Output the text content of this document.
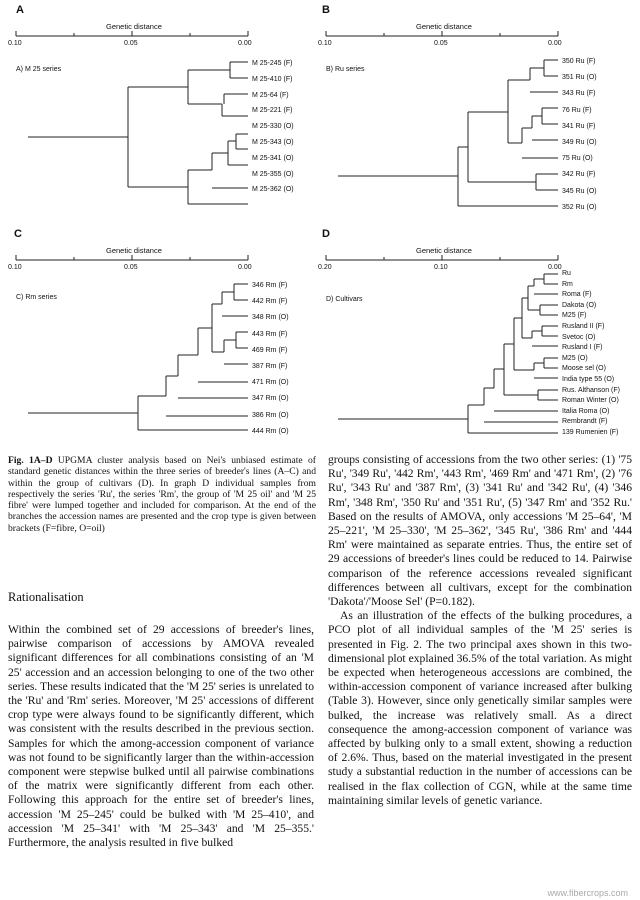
A
Genetic distance
0.10	0.05	0.00
A) M 25 series
M 25-245 (F)
M 25-410 (F)
M 25-64 (F)
M 25-221 (F)
M 25-330 (O)
M 25-343 (O)
M 25-341 (O)
M 25-355 (O)
M 25-362 (O)
B
Genetic distance
0.10	0.05	0.00
B) Ru series
350 Ru (F)
351 Ru (O)
343 Ru (F)
76 Ru (F)
341 Ru (F)
349 Ru (O)
75 Ru (O)
342 Ru (F)
345 Ru (O)
352 Ru (O)
C
Genetic distance
0.10	0.05	0.00
C) Rm series
346 Rm (F)
442 Rm (F)
348 Rm (O)
443 Rm (F)
469 Rm (F)
387 Rm (F)
471 Rm (O)
347 Rm (O)
386 Rm (O)
444 Rm (O)
D
Genetic distance
0.20	0.10	0.00
D) Cultivars
Ru
Rm
Roma (F)
Dakota (O)
M25 (F)
Rusland II (F)
Svetoc (O)
Rusland I (F)
M25 (O)
Moose sel (O)
India type 55 (O)
Rus. Althanson (F)
Roman Winter (O)
Italia Roma (O)
Rembrandt (F)
139 Rumenien (F)
Fig. 1A–D UPGMA cluster analysis based on Nei's unbiased estimate of standard genetic distances within the three series of breeder's lines (A–C) and within the group of cultivars (D). In graph D individual samples from respectively the series 'Ru', the series 'Rm', the group of 'M 25 oil' and 'M 25 fibre' were lumped together and included for comparison. At the end of the branches the accession names are presented and the crop type is given between brackets (F=fibre, O=oil)
Rationalisation

Within the combined set of 29 accessions of breeder's lines, pairwise comparison of accessions by AMOVA revealed significant differences for all combinations consisting of an 'M 25' accession and an accession belonging to one of the two other series. These results indicated that the 'M 25' series is unrelated to the 'Ru' and 'Rm' series. Moreover, 'M 25' accessions of different crop type were always found to be significantly different, which was consistent with the results described in the previous section. Samples for which the among-accession component of variance was not found to be significantly larger than the within-accession component were stepwise bulked until all pairwise combinations of the matrix were significantly different from each other. Following this approach for the entire set of breeder's lines, accession 'M 25–245' could be bulked with 'M 25–410', and accession 'M 25–341' with 'M 25–343' and 'M 25–355.' Furthermore, the analysis resulted in five bulked

groups consisting of accessions from the two other series: (1) '75 Ru', '349 Ru', '442 Rm', '443 Rm', '469 Rm' and '471 Rm', (2) '76 Ru', '343 Ru' and '387 Rm', (3) '341 Ru' and '342 Ru', (4) '346 Rm', '348 Rm', '350 Ru' and '351 Ru', (5) '347 Rm' and '352 Ru.' Based on the results of AMOVA, only accessions 'M 25–64', 'M 25–221', 'M 25–330', 'M 25–362', '345 Ru', '386 Rm' and '444 Rm' were maintained as separate entries. Thus, the entire set of 29 accessions of breeder's lines could be reduced to 14. Pairwise comparison of the reference accessions revealed significant differences between all cultivars, except for the combination 'Dakota'/'Moose Sel' (P=0.182).

As an illustration of the effects of the bulking procedures, a PCO plot of all individual samples of the 'M 25' series is presented in Fig. 2. The two principal axes shown in this two-dimensional plot explained 36.5% of the total variation. As might be expected when heterogeneous accessions are combined, the within-accession component of variance increased after bulking (Table 3). However, since only genetically similar samples were bulked, the increase was relatively small. As a direct consequence the among-accession component of variance was affected by bulking only to a small extent, showing a reduction of 2.6%. Thus, based on the material investigated in the present study a substantial reduction in the number of accessions can be realised in the flax collection of CGN, while at the same time maintaining similar levels of genetic variance.

www.fibercrops.com
